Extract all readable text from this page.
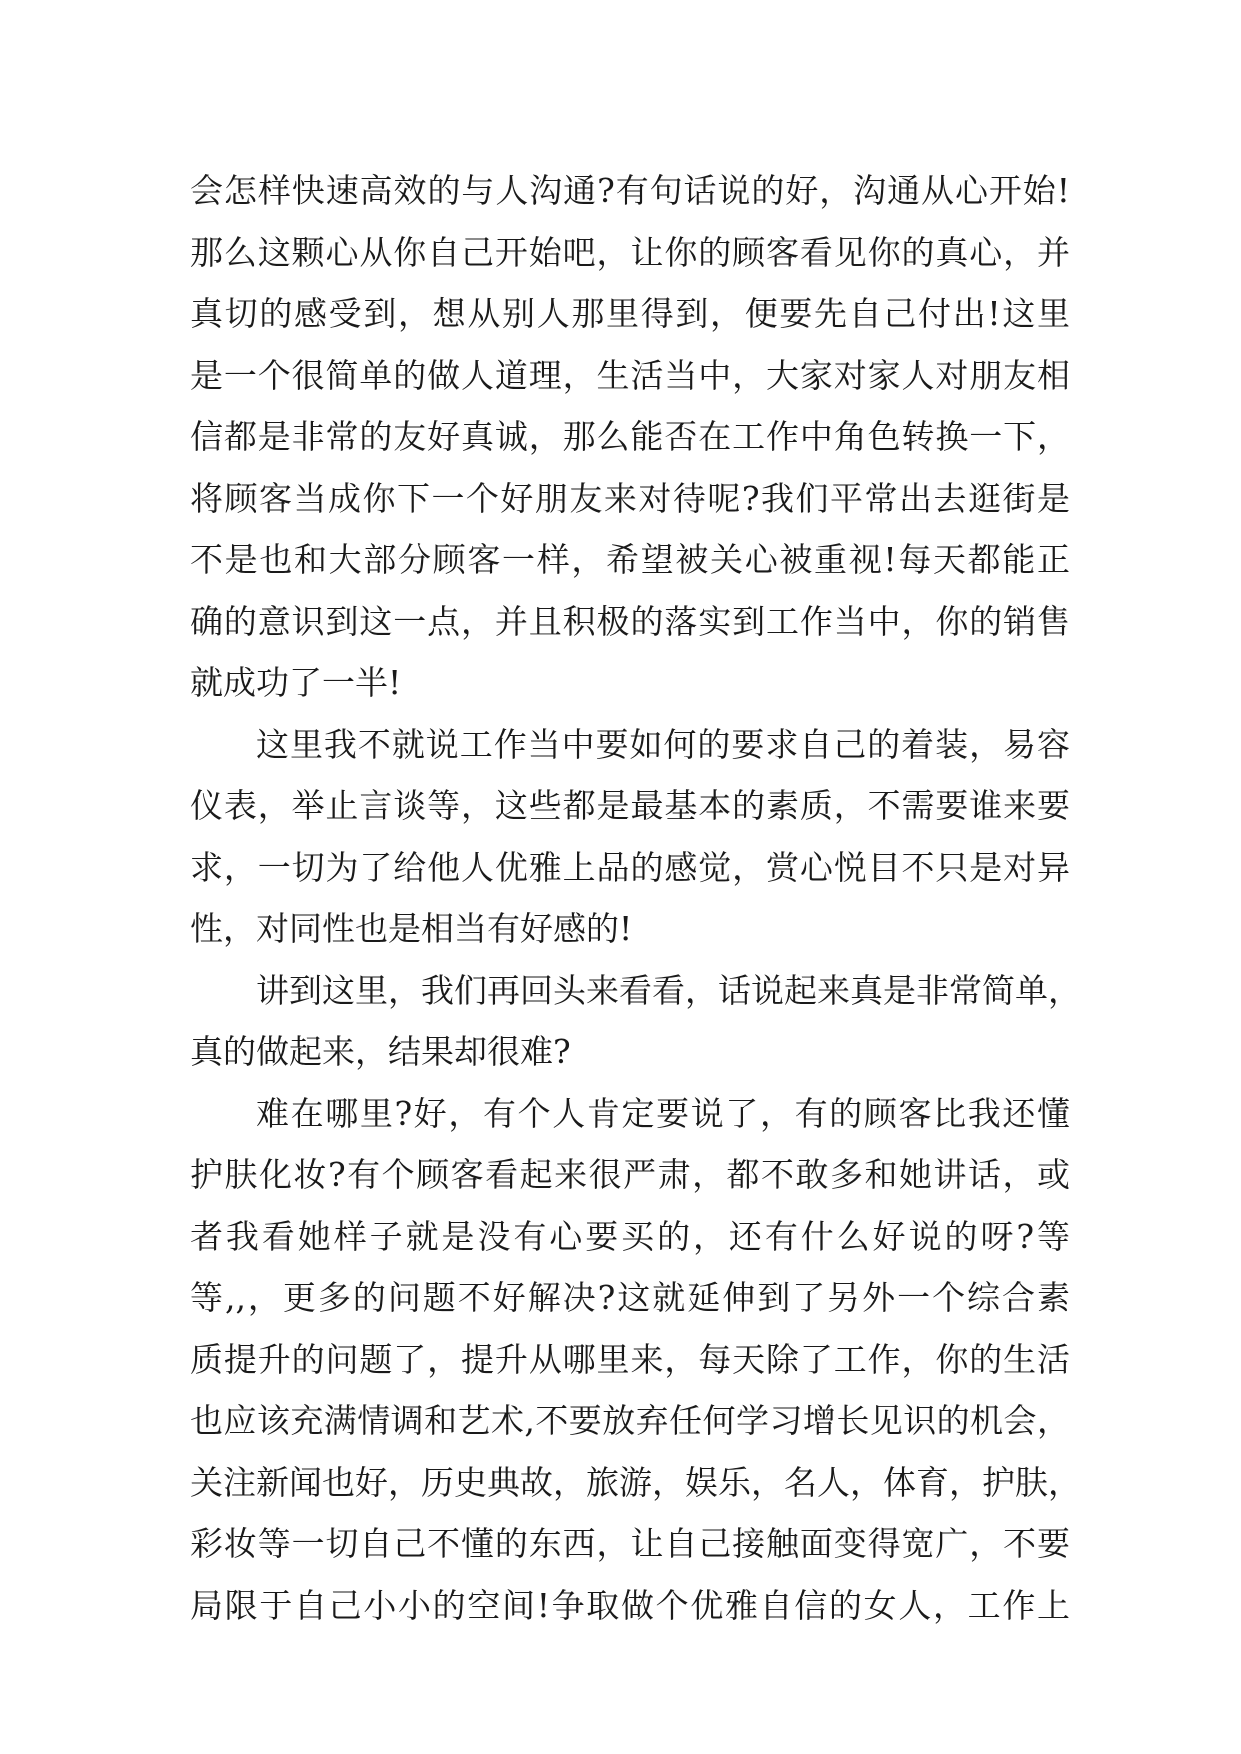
会怎样快速高效的与人沟通?有句话说的好，沟通从心开始!
那么这颗心从你自己开始吧，让你的顾客看见你的真心，并
真切的感受到，想从别人那里得到，便要先自己付出!这里
是一个很简单的做人道理，生活当中，大家对家人对朋友相
信都是非常的友好真诚，那么能否在工作中角色转换一下，
将顾客当成你下一个好朋友来对待呢?我们平常出去逛街是
不是也和大部分顾客一样，希望被关心被重视!每天都能正
确的意识到这一点，并且积极的落实到工作当中，你的销售
就成功了一半!
这里我不就说工作当中要如何的要求自己的着装，易容
仪表，举止言谈等，这些都是最基本的素质，不需要谁来要
求，一切为了给他人优雅上品的感觉，赏心悦目不只是对异
性，对同性也是相当有好感的!
讲到这里，我们再回头来看看，话说起来真是非常简单，
真的做起来，结果却很难?
难在哪里?好，有个人肯定要说了，有的顾客比我还懂
护肤化妆?有个顾客看起来很严肃，都不敢多和她讲话，或
者我看她样子就是没有心要买的，还有什么好说的呀?等
等,,，更多的问题不好解决?这就延伸到了另外一个综合素
质提升的问题了，提升从哪里来，每天除了工作，你的生活
也应该充满情调和艺术,不要放弃任何学习增长见识的机会，
关注新闻也好，历史典故，旅游，娱乐，名人，体育，护肤，
彩妆等一切自己不懂的东西，让自己接触面变得宽广，不要
局限于自己小小的空间!争取做个优雅自信的女人，工作上
